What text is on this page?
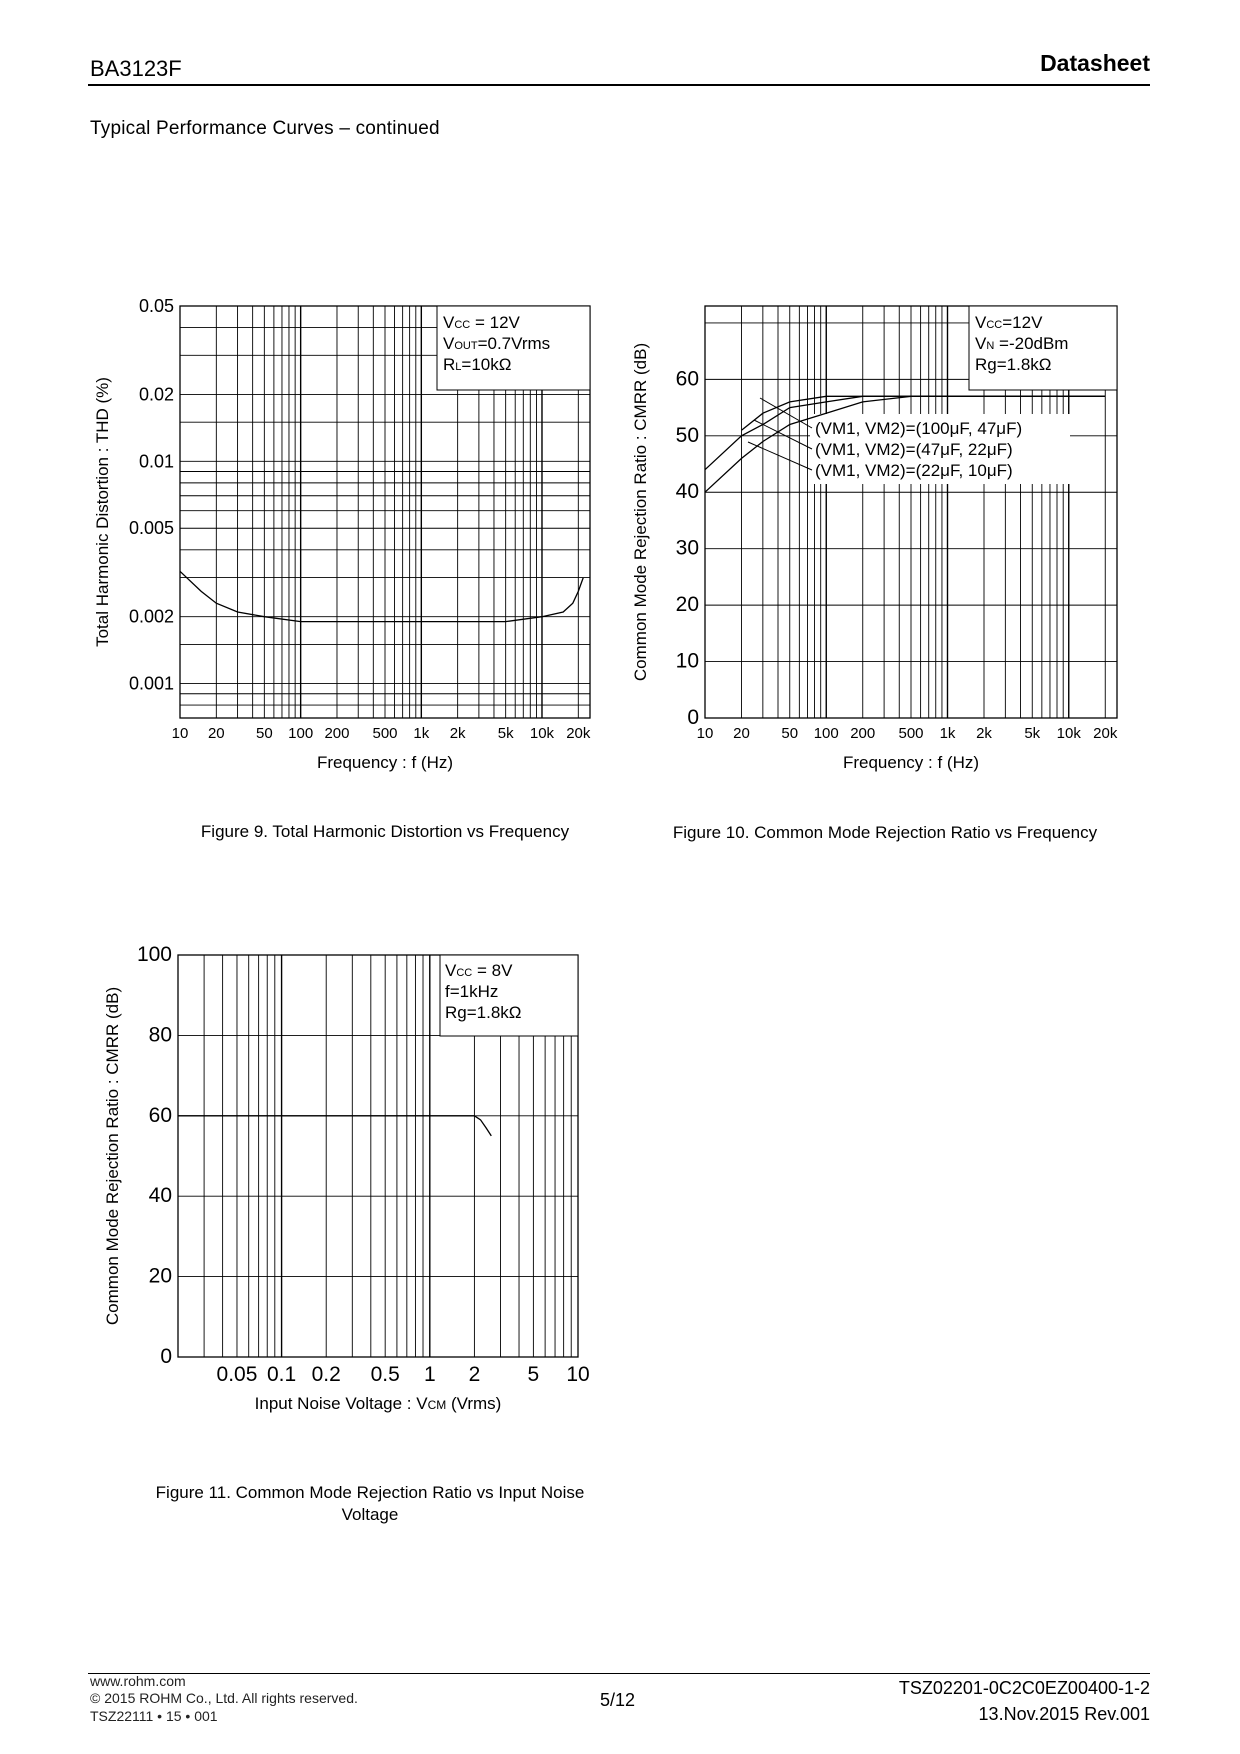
BA3123F	Datasheet
Typical Performance Curves – continued
0.05
0.02
0.01
0.005
0.002
0.001
10 20 50 100 200 500 1k 2k 5k 10k 20k
Frequency : f (Hz)
Total Harmonic Distortion : THD (%)
VCC = 12V
VOUT=0.7Vrms
RL=10kΩ
60
50
40
30
20
10
0
10 20 50 100 200 500 1k 2k 5k 10k 20k
Frequency : f (Hz)
Common Mode Rejection Ratio : CMRR (dB)
VCC=12V
VN =-20dBm
Rg=1.8kΩ
(VM1, VM2)=(100μF, 47μF)
(VM1, VM2)=(47μF, 22μF)
(VM1, VM2)=(22μF, 10μF)
100
80
60
40
20
0
0.05 0.1 0.2 0.5 1 2 5 10
Input Noise Voltage : VCM (Vrms)
Common Mode Rejection Ratio : CMRR (dB)
VCC = 8V
f=1kHz
Rg=1.8kΩ
Figure 9. Total Harmonic Distortion vs Frequency	Figure 10. Common Mode Rejection Ratio vs Frequency
Figure 11. Common Mode Rejection Ratio vs Input Noise
Voltage
www.rohm.com
© 2015 ROHM Co., Ltd. All rights reserved.
TSZ22111 • 15 • 001
5/12
TSZ02201-0C2C0EZ00400-1-2
13.Nov.2015 Rev.001
